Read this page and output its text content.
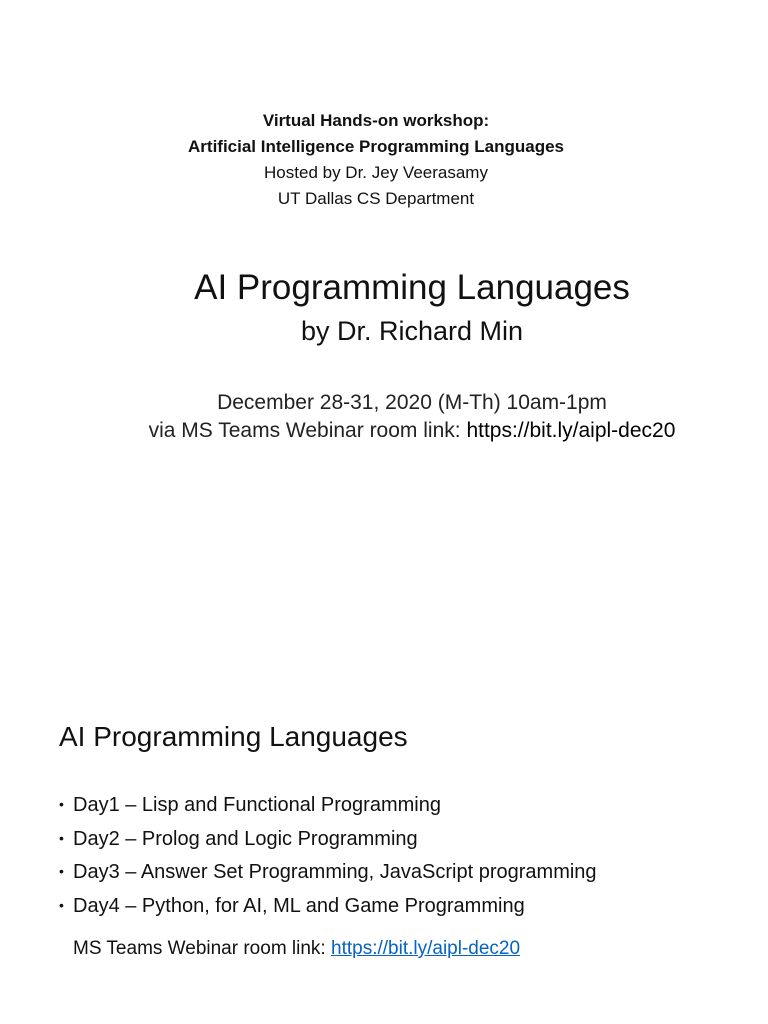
Virtual Hands-on workshop:
Artificial Intelligence Programming Languages
Hosted by Dr. Jey Veerasamy
UT Dallas CS Department
AI Programming Languages
by Dr. Richard Min
December 28-31, 2020 (M-Th) 10am-1pm
via MS Teams Webinar room link: https://bit.ly/aipl-dec20
AI Programming Languages
• Day1 – Lisp and Functional Programming
• Day2 – Prolog and Logic Programming
• Day3 – Answer Set Programming, JavaScript programming
• Day4 – Python, for AI, ML and Game Programming
MS Teams Webinar room link: https://bit.ly/aipl-dec20
